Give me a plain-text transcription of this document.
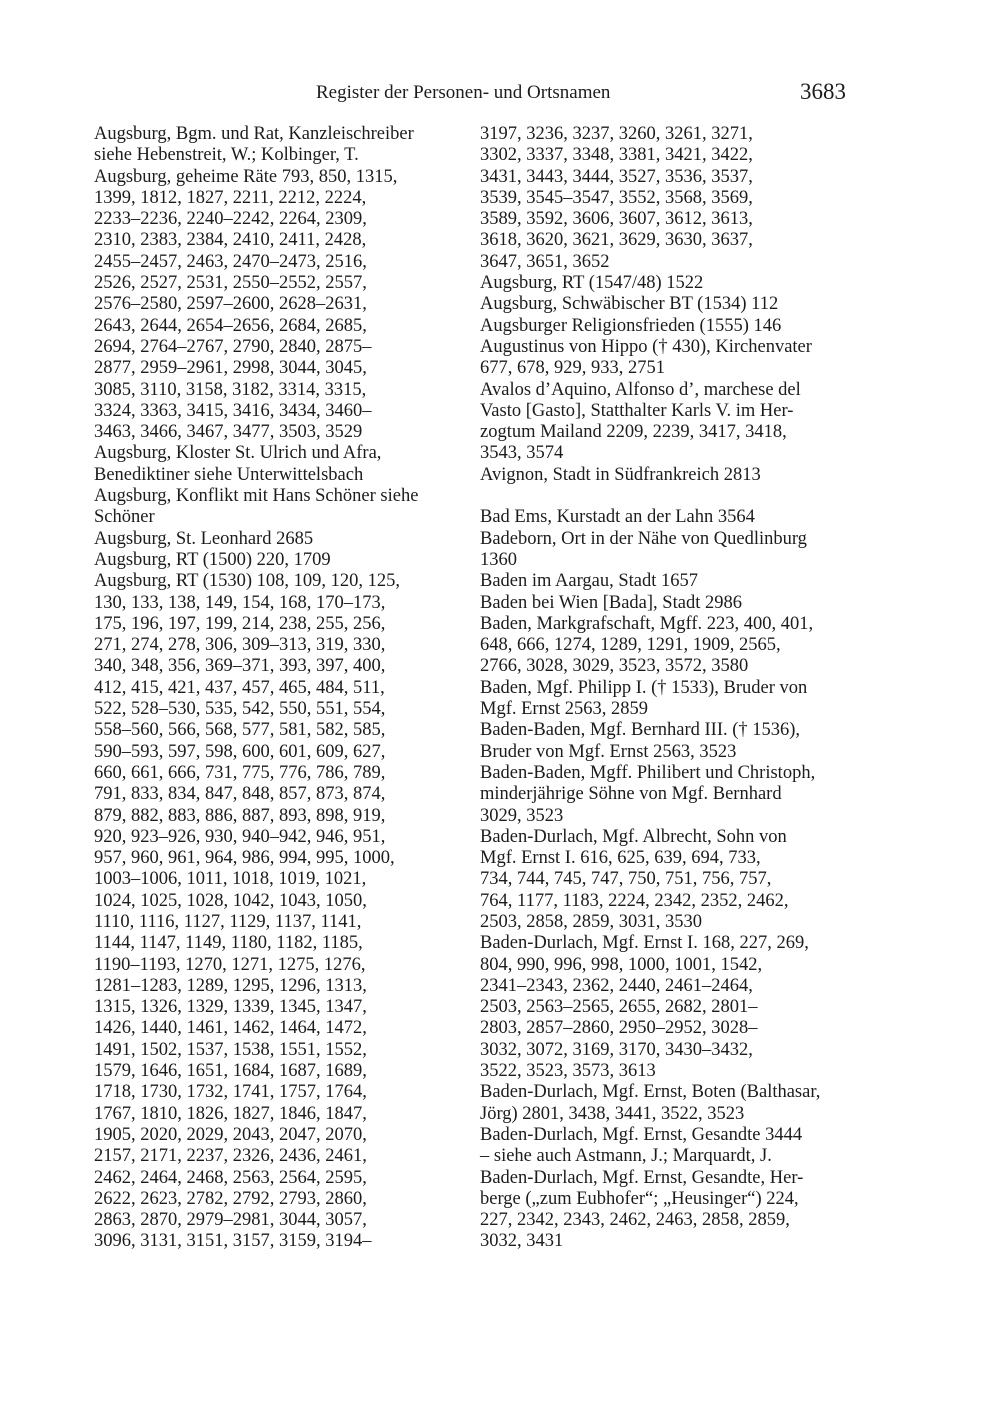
Register der Personen- und Ortsnamen	3683
Augsburg, Bgm. und Rat, Kanzleischreiber
siehe Hebenstreit, W.; Kolbinger, T.
Augsburg, geheime Räte 793, 850, 1315,
1399, 1812, 1827, 2211, 2212, 2224,
2233–2236, 2240–2242, 2264, 2309,
2310, 2383, 2384, 2410, 2411, 2428,
2455–2457, 2463, 2470–2473, 2516,
2526, 2527, 2531, 2550–2552, 2557,
2576–2580, 2597–2600, 2628–2631,
2643, 2644, 2654–2656, 2684, 2685,
2694, 2764–2767, 2790, 2840, 2875–
2877, 2959–2961, 2998, 3044, 3045,
3085, 3110, 3158, 3182, 3314, 3315,
3324, 3363, 3415, 3416, 3434, 3460–
3463, 3466, 3467, 3477, 3503, 3529
Augsburg, Kloster St. Ulrich und Afra,
Benediktiner siehe Unterwittelsbach
Augsburg, Konflikt mit Hans Schöner siehe
Schöner
Augsburg, St. Leonhard 2685
Augsburg, RT (1500) 220, 1709
Augsburg, RT (1530) 108, 109, 120, 125,
130, 133, 138, 149, 154, 168, 170–173,
175, 196, 197, 199, 214, 238, 255, 256,
271, 274, 278, 306, 309–313, 319, 330,
340, 348, 356, 369–371, 393, 397, 400,
412, 415, 421, 437, 457, 465, 484, 511,
522, 528–530, 535, 542, 550, 551, 554,
558–560, 566, 568, 577, 581, 582, 585,
590–593, 597, 598, 600, 601, 609, 627,
660, 661, 666, 731, 775, 776, 786, 789,
791, 833, 834, 847, 848, 857, 873, 874,
879, 882, 883, 886, 887, 893, 898, 919,
920, 923–926, 930, 940–942, 946, 951,
957, 960, 961, 964, 986, 994, 995, 1000,
1003–1006, 1011, 1018, 1019, 1021,
1024, 1025, 1028, 1042, 1043, 1050,
1110, 1116, 1127, 1129, 1137, 1141,
1144, 1147, 1149, 1180, 1182, 1185,
1190–1193, 1270, 1271, 1275, 1276,
1281–1283, 1289, 1295, 1296, 1313,
1315, 1326, 1329, 1339, 1345, 1347,
1426, 1440, 1461, 1462, 1464, 1472,
1491, 1502, 1537, 1538, 1551, 1552,
1579, 1646, 1651, 1684, 1687, 1689,
1718, 1730, 1732, 1741, 1757, 1764,
1767, 1810, 1826, 1827, 1846, 1847,
1905, 2020, 2029, 2043, 2047, 2070,
2157, 2171, 2237, 2326, 2436, 2461,
2462, 2464, 2468, 2563, 2564, 2595,
2622, 2623, 2782, 2792, 2793, 2860,
2863, 2870, 2979–2981, 3044, 3057,
3096, 3131, 3151, 3157, 3159, 3194–
3197, 3236, 3237, 3260, 3261, 3271,
3302, 3337, 3348, 3381, 3421, 3422,
3431, 3443, 3444, 3527, 3536, 3537,
3539, 3545–3547, 3552, 3568, 3569,
3589, 3592, 3606, 3607, 3612, 3613,
3618, 3620, 3621, 3629, 3630, 3637,
3647, 3651, 3652
Augsburg, RT (1547/48) 1522
Augsburg, Schwäbischer BT (1534) 112
Augsburger Religionsfrieden (1555) 146
Augustinus von Hippo († 430), Kirchenvater
677, 678, 929, 933, 2751
Avalos d’Aquino, Alfonso d’, marchese del
Vasto [Gasto], Statthalter Karls V. im Her-
zogtum Mailand 2209, 2239, 3417, 3418,
3543, 3574
Avignon, Stadt in Südfrankreich 2813
Bad Ems, Kurstadt an der Lahn 3564
Badeborn, Ort in der Nähe von Quedlinburg
1360
Baden im Aargau, Stadt 1657
Baden bei Wien [Bada], Stadt 2986
Baden, Markgrafschaft, Mgff. 223, 400, 401,
648, 666, 1274, 1289, 1291, 1909, 2565,
2766, 3028, 3029, 3523, 3572, 3580
Baden, Mgf. Philipp I. († 1533), Bruder von
Mgf. Ernst 2563, 2859
Baden-Baden, Mgf. Bernhard III. († 1536),
Bruder von Mgf. Ernst 2563, 3523
Baden-Baden, Mgff. Philibert und Christoph,
minderjährige Söhne von Mgf. Bernhard
3029, 3523
Baden-Durlach, Mgf. Albrecht, Sohn von
Mgf. Ernst I. 616, 625, 639, 694, 733,
734, 744, 745, 747, 750, 751, 756, 757,
764, 1177, 1183, 2224, 2342, 2352, 2462,
2503, 2858, 2859, 3031, 3530
Baden-Durlach, Mgf. Ernst I. 168, 227, 269,
804, 990, 996, 998, 1000, 1001, 1542,
2341–2343, 2362, 2440, 2461–2464,
2503, 2563–2565, 2655, 2682, 2801–
2803, 2857–2860, 2950–2952, 3028–
3032, 3072, 3169, 3170, 3430–3432,
3522, 3523, 3573, 3613
Baden-Durlach, Mgf. Ernst, Boten (Balthasar,
Jörg) 2801, 3438, 3441, 3522, 3523
Baden-Durlach, Mgf. Ernst, Gesandte 3444
– siehe auch Astmann, J.; Marquardt, J.
Baden-Durlach, Mgf. Ernst, Gesandte, Her-
berge („zum Eubhofer“; „Heusinger“) 224,
227, 2342, 2343, 2462, 2463, 2858, 2859,
3032, 3431
